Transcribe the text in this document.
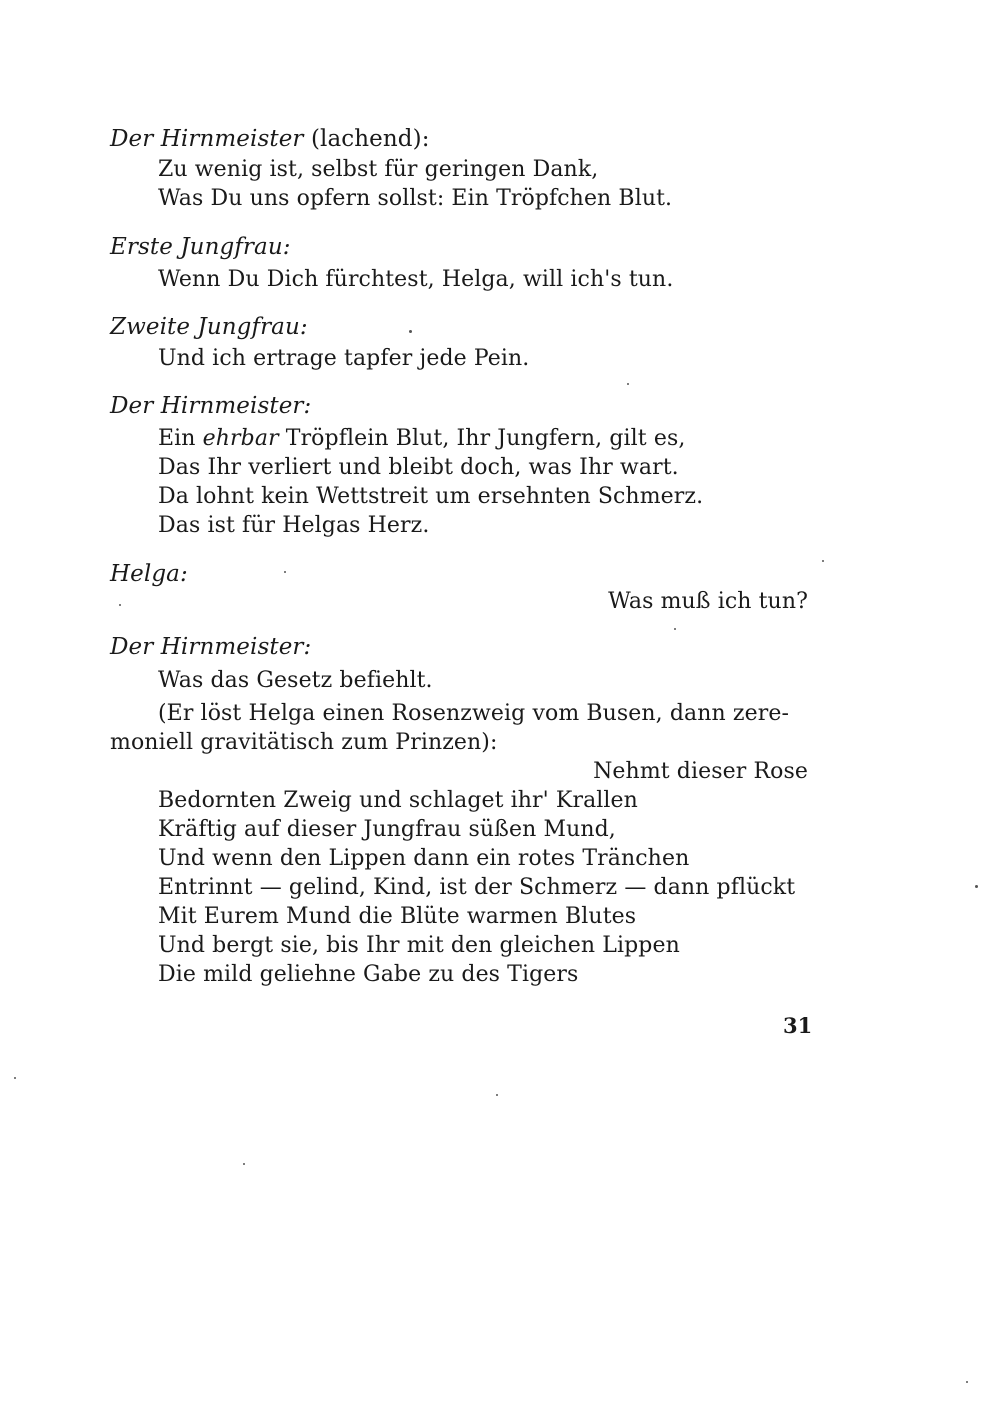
Der Hirnmeister (lachend):
Zu wenig ist, selbst für geringen Dank,
Was Du uns opfern sollst: Ein Tröpfchen Blut.
Erste Jungfrau:
Wenn Du Dich fürchtest, Helga, will ich's tun.
Zweite Jungfrau:
Und ich ertrage tapfer jede Pein.
Der Hirnmeister:
Ein ehrbar Tröpflein Blut, Ihr Jungfern, gilt es,
Das Ihr verliert und bleibt doch, was Ihr wart.
Da lohnt kein Wettstreit um ersehnten Schmerz.
Das ist für Helgas Herz.
Helga:
Was muß ich tun?
Der Hirnmeister:
Was das Gesetz befiehlt.
(Er löst Helga einen Rosenzweig vom Busen, dann zere-
moniell gravitätisch zum Prinzen):
Nehmt dieser Rose
Bedornten Zweig und schlaget ihr' Krallen
Kräftig auf dieser Jungfrau süßen Mund,
Und wenn den Lippen dann ein rotes Tränchen
Entrinnt — gelind, Kind, ist der Schmerz — dann pflückt
Mit Eurem Mund die Blüte warmen Blutes
Und bergt sie, bis Ihr mit den gleichen Lippen
Die mild geliehne Gabe zu des Tigers
31
